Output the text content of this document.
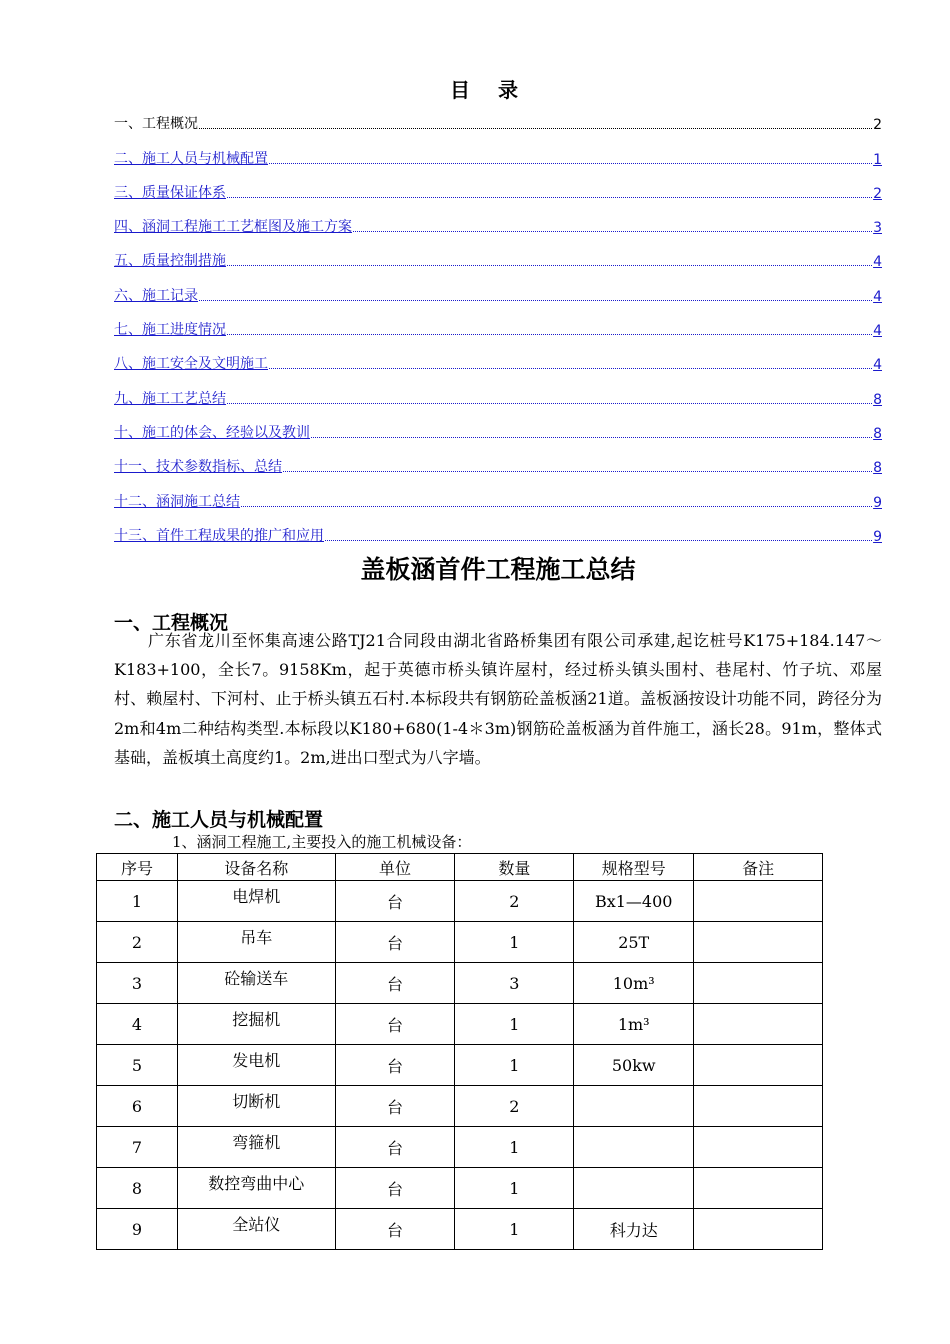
目录
一、工程概况	2
二、施工人员与机械配置	1
三、质量保证体系	2
四、涵洞工程施工工艺框图及施工方案	3
五、质量控制措施	4
六、施工记录	4
七、施工进度情况	4
八、施工安全及文明施工	4
九、施工工艺总结	8
十、施工的体会、经验以及教训	8
十一、技术参数指标、总结	8
十二、涵洞施工总结	9
十三、首件工程成果的推广和应用	9
盖板涵首件工程施工总结
一、工程概况
广东省龙川至怀集高速公路TJ21合同段由湖北省路桥集团有限公司承建,起讫桩号K175+184.147～K183+100，全长7。9158Km，起于英德市桥头镇许屋村，经过桥头镇头围村、巷尾村、竹子坑、邓屋村、赖屋村、下河村、止于桥头镇五石村.本标段共有钢筋砼盖板涵21道。盖板涵按设计功能不同，跨径分为2m和4m二种结构类型.本标段以K180+680(1-4＊3m)钢筋砼盖板涵为首件施工，涵长28。91m，整体式基础，盖板填土高度约1。2m,进出口型式为八字墙。
二、施工人员与机械配置
1、涵洞工程施工,主要投入的施工机械设备：
序号	设备名称	单位	数量	规格型号	备注
1	电焊机	台	2	Bx1—400	
2	吊车	台	1	25T	
3	砼输送车	台	3	10m³	
4	挖掘机	台	1	1m³	
5	发电机	台	1	50kw	
6	切断机	台	2		
7	弯箍机	台	1		
8	数控弯曲中心	台	1		
9	全站仪	台	1	科力达	
